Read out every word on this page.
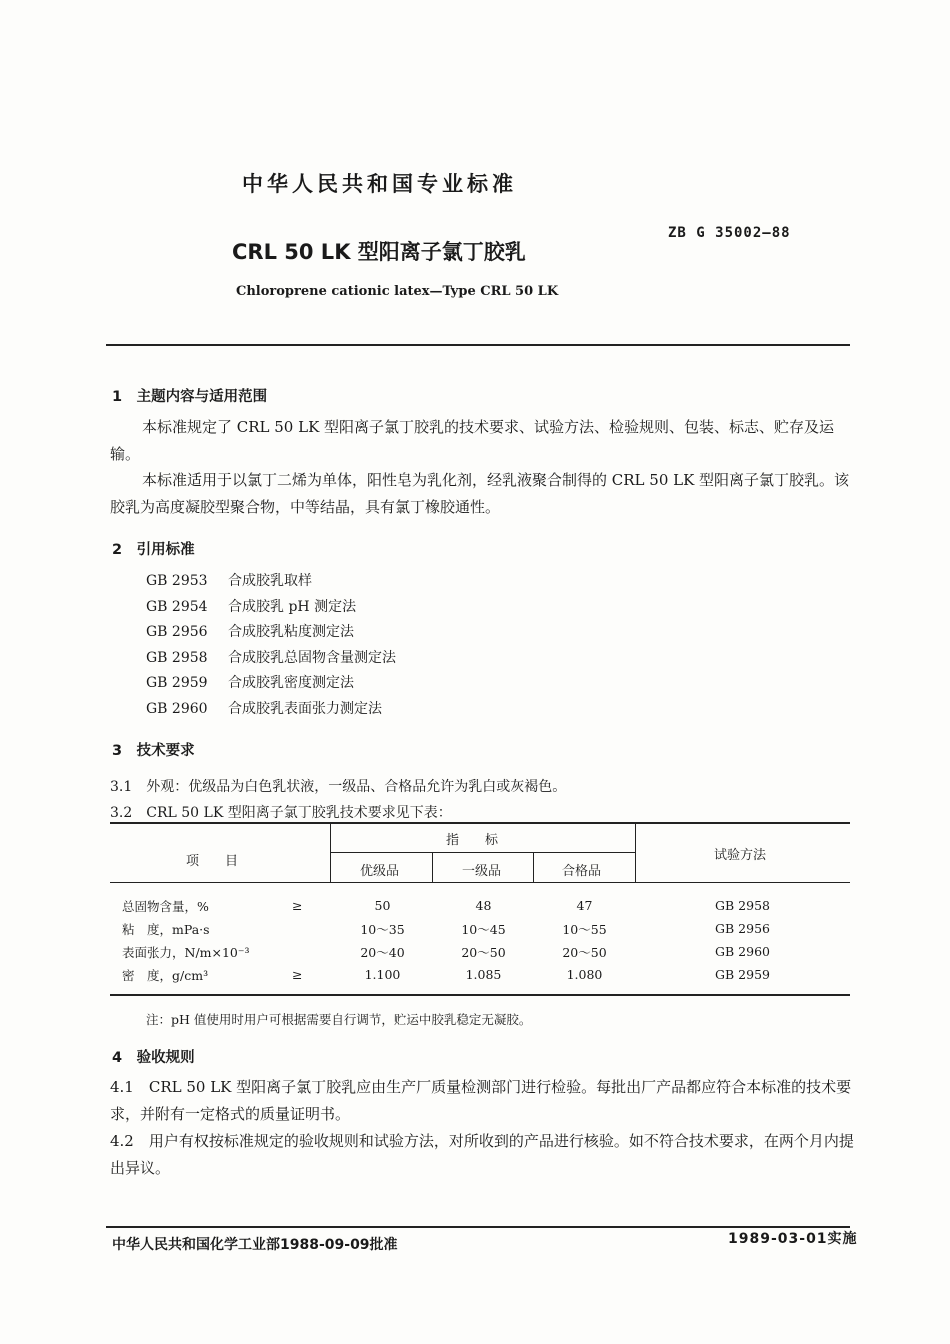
中华人民共和国专业标准
ZB G 35002—88
CRL 50 LK 型阳离子氯丁胶乳
Chloroprene cationic latex—Type CRL 50 LK
1　主题内容与适用范围
本标准规定了 CRL 50 LK 型阳离子氯丁胶乳的技术要求、试验方法、检验规则、包装、标志、贮存及运输。
本标准适用于以氯丁二烯为单体，阳性皂为乳化剂，经乳液聚合制得的 CRL 50 LK 型阳离子氯丁胶乳。该胶乳为高度凝胶型聚合物，中等结晶，具有氯丁橡胶通性。
2　引用标准
GB 2953 合成胶乳取样
GB 2954 合成胶乳 pH 测定法
GB 2956 合成胶乳粘度测定法
GB 2958 合成胶乳总固物含量测定法
GB 2959 合成胶乳密度测定法
GB 2960 合成胶乳表面张力测定法
3　技术要求
3.1　外观：优级品为白色乳状液，一级品、合格品允许为乳白或灰褐色。
3.2　CRL 50 LK 型阳离子氯丁胶乳技术要求见下表：
项　　目
指　　标
试验方法
优级品	一级品	合格品
总固物含量，%	≥	50	48	47	GB 2958
粘　度，mPa·s		10～35	10～45	10～55	GB 2956
表面张力，N/m×10⁻³		20～40	20～50	20～50	GB 2960
密　度，g/cm³	≥	1.100	1.085	1.080	GB 2959
注：pH 值使用时用户可根据需要自行调节，贮运中胶乳稳定无凝胶。
4　验收规则
4.1　CRL 50 LK 型阳离子氯丁胶乳应由生产厂质量检测部门进行检验。每批出厂产品都应符合本标准的技术要求，并附有一定格式的质量证明书。
4.2　用户有权按标准规定的验收规则和试验方法，对所收到的产品进行核验。如不符合技术要求，在两个月内提出异议。
中华人民共和国化学工业部1988-09-09批准	1989-03-01实施
